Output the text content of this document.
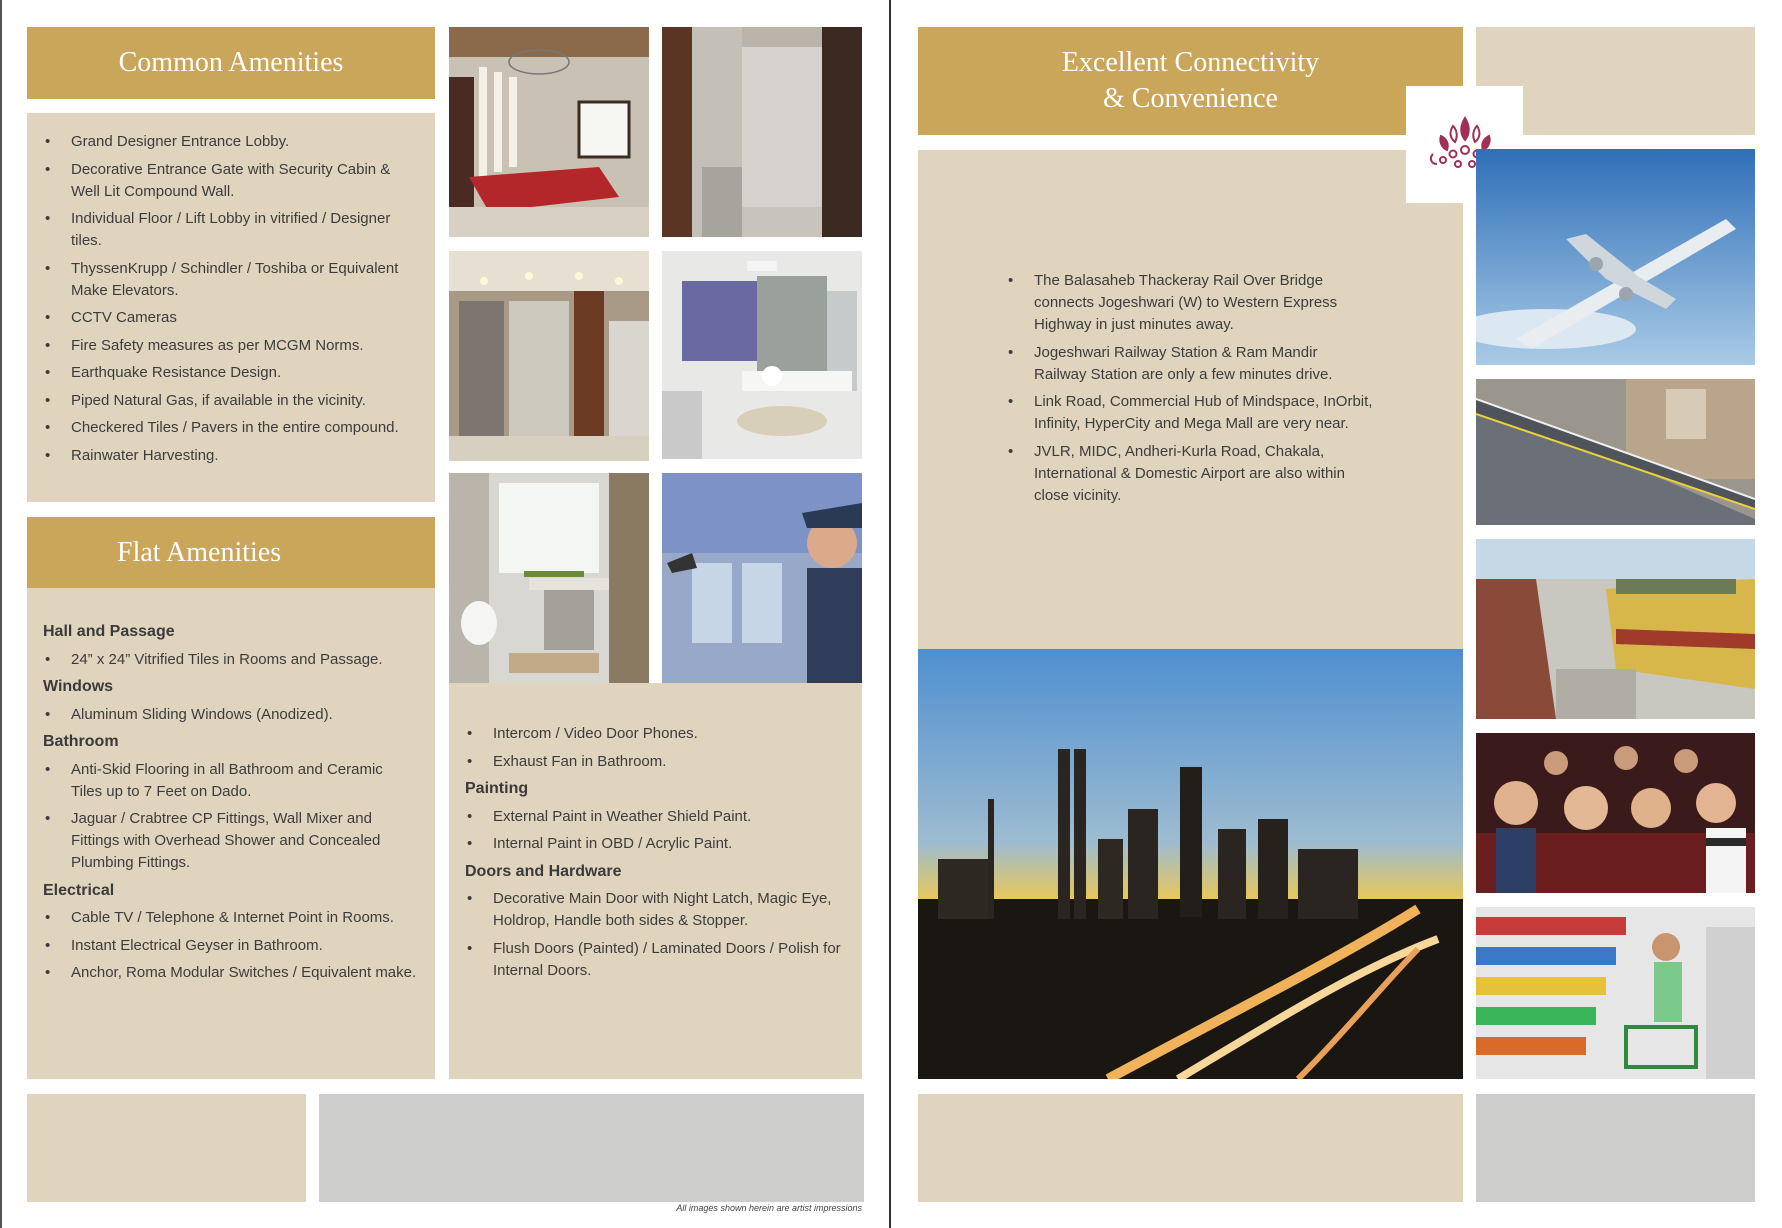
Common Amenities
• Grand Designer Entrance Lobby.
• Decorative Entrance Gate with Security Cabin & Well Lit Compound Wall.
• Individual Floor / Lift Lobby in vitrified / Designer tiles.
• ThyssenKrupp / Schindler / Toshiba or Equivalent Make Elevators.
• CCTV Cameras
• Fire Safety measures as per MCGM Norms.
• Earthquake Resistance Design.
• Piped Natural Gas, if available in the vicinity.
• Checkered Tiles / Pavers in the entire compound.
• Rainwater Harvesting.
Flat Amenities
Hall and Passage
• 24” x 24” Vitrified Tiles in Rooms and Passage.
Windows
• Aluminum Sliding Windows (Anodized).
Bathroom
• Anti-Skid Flooring in all Bathroom and Ceramic Tiles up to 7 Feet on Dado.
• Jaguar / Crabtree CP Fittings, Wall Mixer and Fittings with Overhead Shower and Concealed Plumbing Fittings.
Electrical
• Cable TV / Telephone & Internet Point in Rooms.
• Instant Electrical Geyser in Bathroom.
• Anchor, Roma Modular Switches / Equivalent make.
• Intercom / Video Door Phones.
• Exhaust Fan in Bathroom.
Painting
• External Paint in Weather Shield Paint.
• Internal Paint in OBD / Acrylic Paint.
Doors and Hardware
• Decorative Main Door with Night Latch, Magic Eye, Holdrop, Handle both sides & Stopper.
• Flush Doors (Painted) / Laminated Doors / Polish for Internal Doors.
All images shown herein are artist impressions
Excellent Connectivity
& Convenience
• The Balasaheb Thackeray Rail Over Bridge connects Jogeshwari (W) to Western Express Highway in just minutes away.
• Jogeshwari Railway Station & Ram Mandir Railway Station are only a few minutes drive.
• Link Road, Commercial Hub of Mindspace, InOrbit, Infinity, HyperCity and Mega Mall are very near.
• JVLR, MIDC, Andheri-Kurla Road, Chakala, International & Domestic Airport are also within close vicinity.
